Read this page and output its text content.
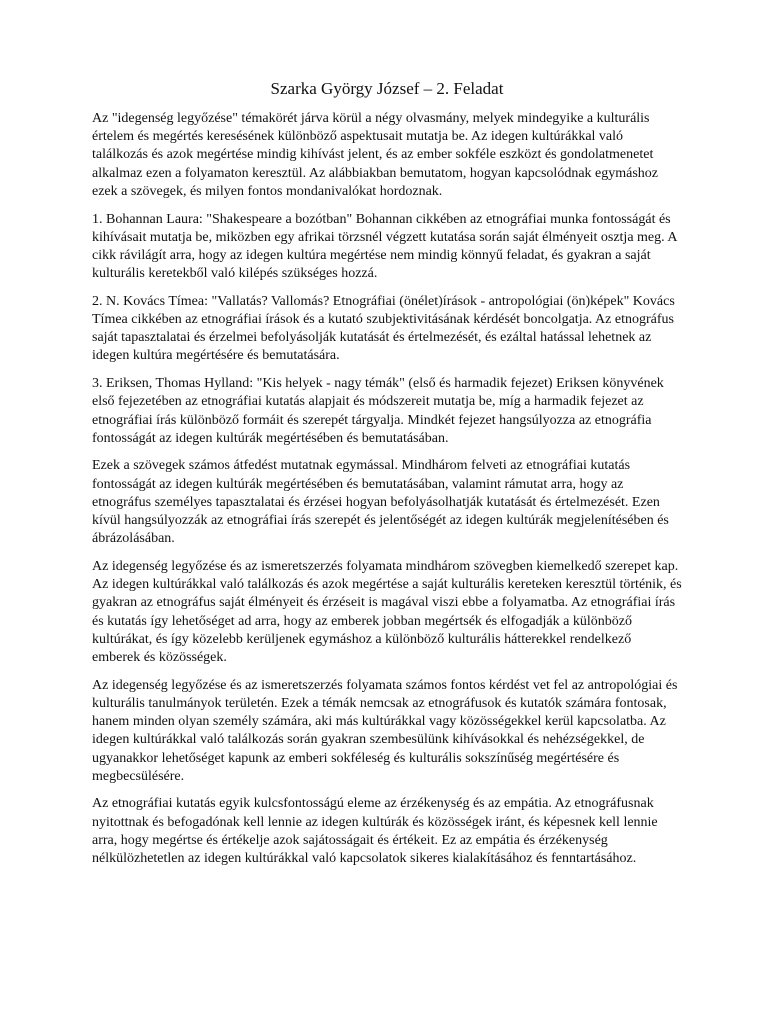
Szarka György József – 2. Feladat

Az "idegenség legyőzése" témakörét járva körül a négy olvasmány, melyek mindegyike a kulturális értelem és megértés keresésének különböző aspektusait mutatja be. Az idegen kultúrákkal való találkozás és azok megértése mindig kihívást jelent, és az ember sokféle eszközt és gondolatmenetet alkalmaz ezen a folyamaton keresztül. Az alábbiakban bemutatom, hogyan kapcsolódnak egymáshoz ezek a szövegek, és milyen fontos mondanivalókat hordoznak.

1. Bohannan Laura: "Shakespeare a bozótban" Bohannan cikkében az etnográfiai munka fontosságát és kihívásait mutatja be, miközben egy afrikai törzsnél végzett kutatása során saját élményeit osztja meg. A cikk rávilágít arra, hogy az idegen kultúra megértése nem mindig könnyű feladat, és gyakran a saját kulturális keretekből való kilépés szükséges hozzá.

2. N. Kovács Tímea: "Vallatás? Vallomás? Etnográfiai (önélet)írások - antropológiai (ön)képek" Kovács Tímea cikkében az etnográfiai írások és a kutató szubjektivitásának kérdését boncolgatja. Az etnográfus saját tapasztalatai és érzelmei befolyásolják kutatását és értelmezését, és ezáltal hatással lehetnek az idegen kultúra megértésére és bemutatására.

3. Eriksen, Thomas Hylland: "Kis helyek - nagy témák" (első és harmadik fejezet) Eriksen könyvének első fejezetében az etnográfiai kutatás alapjait és módszereit mutatja be, míg a harmadik fejezet az etnográfiai írás különböző formáit és szerepét tárgyalja. Mindkét fejezet hangsúlyozza az etnográfia fontosságát az idegen kultúrák megértésében és bemutatásában.

Ezek a szövegek számos átfedést mutatnak egymással. Mindhárom felveti az etnográfiai kutatás fontosságát az idegen kultúrák megértésében és bemutatásában, valamint rámutat arra, hogy az etnográfus személyes tapasztalatai és érzései hogyan befolyásolhatják kutatását és értelmezését. Ezen kívül hangsúlyozzák az etnográfiai írás szerepét és jelentőségét az idegen kultúrák megjelenítésében és ábrázolásában.

Az idegenség legyőzése és az ismeretszerzés folyamata mindhárom szövegben kiemelkedő szerepet kap. Az idegen kultúrákkal való találkozás és azok megértése a saját kulturális kereteken keresztül történik, és gyakran az etnográfus saját élményeit és érzéseit is magával viszi ebbe a folyamatba. Az etnográfiai írás és kutatás így lehetőséget ad arra, hogy az emberek jobban megértsék és elfogadják a különböző kultúrákat, és így közelebb kerüljenek egymáshoz a különböző kulturális hátterekkel rendelkező emberek és közösségek.

Az idegenség legyőzése és az ismeretszerzés folyamata számos fontos kérdést vet fel az antropológiai és kulturális tanulmányok területén. Ezek a témák nemcsak az etnográfusok és kutatók számára fontosak, hanem minden olyan személy számára, aki más kultúrákkal vagy közösségekkel kerül kapcsolatba. Az idegen kultúrákkal való találkozás során gyakran szembesülünk kihívásokkal és nehézségekkel, de ugyanakkor lehetőséget kapunk az emberi sokféleség és kulturális sokszínűség megértésére és megbecsülésére.

Az etnográfiai kutatás egyik kulcsfontosságú eleme az érzékenység és az empátia. Az etnográfusnak nyitottnak és befogadónak kell lennie az idegen kultúrák és közösségek iránt, és képesnek kell lennie arra, hogy megértse és értékelje azok sajátosságait és értékeit. Ez az empátia és érzékenység nélkülözhetetlen az idegen kultúrákkal való kapcsolatok sikeres kialakításához és fenntartásához.
